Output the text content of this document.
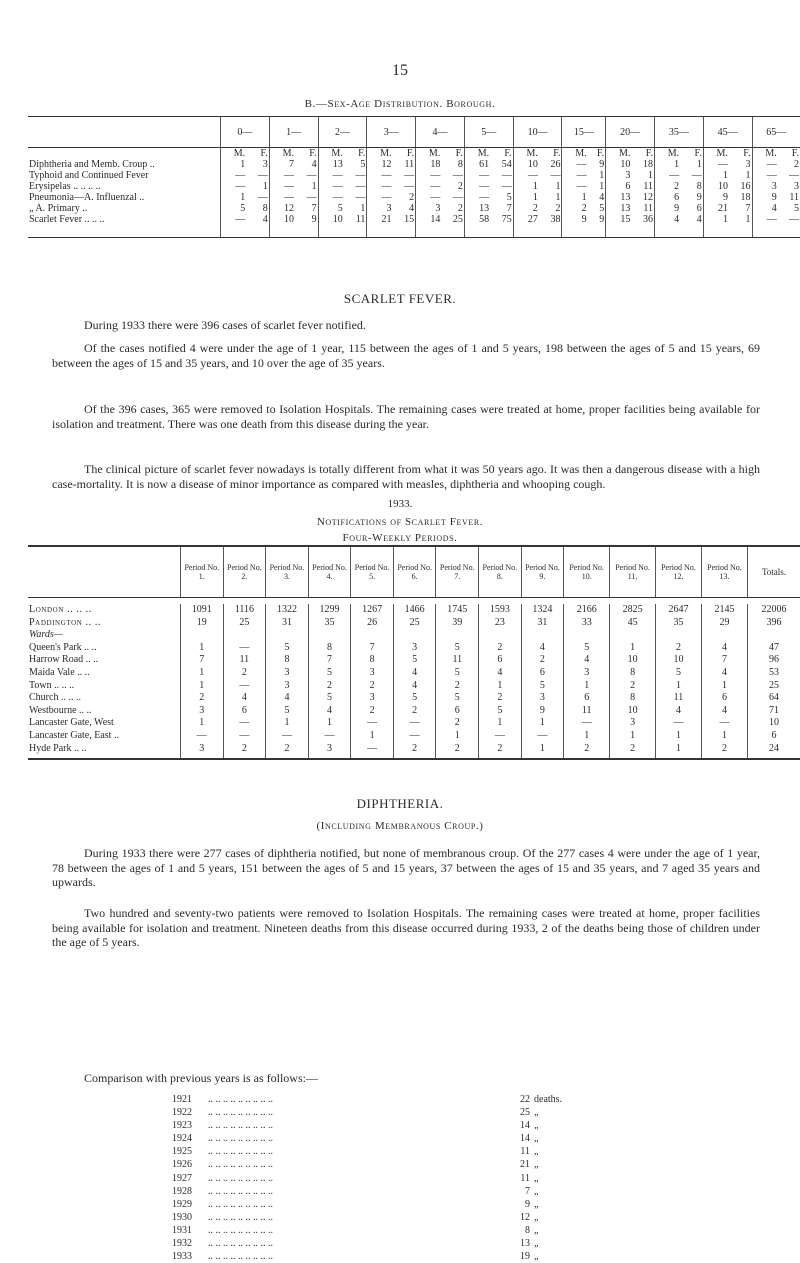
15
B.—Sex-Age Distribution. Borough.
	0—		1—		2—		3—		4—		5—		10—		15—		20—		35—		45—		65—	
	M.	F.	M.	F.	M.	F.	M.	F.	M.	F.	M.	F.	M.	F.	M.	F.	M.	F.	M.	F.	M.	F.	M.	F.
Diphtheria and Memb. Croup ..	1	3	7	4	13	5	12	11	18	8	61	54	10	26	—	9	10	18	1	1	—	3	—	2
Typhoid and Continued Fever	—	—	—	—	—	—	—	—	—	—	—	—	—	—	—	1	3	1	—	—	1	1	—	—
Erysipelas .. .. .. ..	—	1	—	1	—	—	—	—	—	2	—	—	1	1	—	1	6	11	2	8	10	16	3	3
Pneumonia—A. Influenzal ..	1	—	—	—	—	—	—	2	—	—	—	5	1	1	1	4	13	12	6	9	9	18	9	11
„ A. Primary ..	5	8	12	7	5	1	3	4	3	2	13	7	2	2	2	5	13	11	9	6	21	7	4	5
Scarlet Fever .. .. ..	—	4	10	9	10	11	21	15	14	25	58	75	27	38	9	9	15	36	4	4	1	1	—	—
SCARLET FEVER.

During 1933 there were 396 cases of scarlet fever notified.

Of the cases notified 4 were under the age of 1 year, 115 between the ages of 1 and 5 years, 198 between the ages of 5 and 15 years, 69 between the ages of 15 and 35 years, and 10 over the age of 35 years.

Of the 396 cases, 365 were removed to Isolation Hospitals. The remaining cases were treated at home, proper facilities being available for isolation and treatment. There was one death from this disease during the year.

The clinical picture of scarlet fever nowadays is totally different from what it was 50 years ago. It was then a dangerous disease with a high case-mortality. It is now a disease of minor importance as compared with measles, diphtheria and whooping cough.

1933.
Notifications of Scarlet Fever.
Four-Weekly Periods.
	Period No. 1.	Period No. 2.	Period No. 3.	Period No. 4.	Period No. 5.	Period No. 6.	Period No. 7.	Period No. 8.	Period No. 9.	Period No. 10.	Period No. 11.	Period No. 12.	Period No. 13.	Totals.

London .. .. ..	1091	1116	1322	1299	1267	1466	1745	1593	1324	2166	2825	2647	2145	22006
Paddington .. ..	19	25	31	35	26	25	39	23	31	33	45	35	29	396
Wards—														
Queen's Park .. ..	1	—	5	8	7	3	5	2	4	5	1	2	4	47
Harrow Road .. ..	7	11	8	7	8	5	11	6	2	4	10	10	7	96
Maida Vale .. ..	1	2	3	5	3	4	5	4	6	3	8	5	4	53
Town .. .. ..	1	—	3	2	2	4	2	1	5	1	2	1	1	25
Church .. .. ..	2	4	4	5	3	5	5	2	3	6	8	11	6	64
Westbourne .. ..	3	6	5	4	2	2	6	5	9	11	10	4	4	71
Lancaster Gate, West	1	—	1	1	—	—	2	1	1	—	3	—	—	10
Lancaster Gate, East ..	—	—	—	—	1	—	1	—	—	1	1	1	1	6
Hyde Park .. ..	3	2	2	3	—	2	2	2	1	2	2	1	2	24
DIPHTHERIA.
(Including Membranous Croup.)

During 1933 there were 277 cases of diphtheria notified, but none of membranous croup. Of the 277 cases 4 were under the age of 1 year, 78 between the ages of 1 and 5 years, 151 between the ages of 5 and 15 years, 37 between the ages of 15 and 35 years, and 7 aged 35 years and upwards.

Two hundred and seventy-two patients were removed to Isolation Hospitals. The remaining cases were treated at home, proper facilities being available for isolation and treatment. Nineteen deaths from this disease occurred during 1933, 2 of the deaths being those of children under the age of 5 years.

Comparison with previous years is as follows:—
1921	.. .. .. .. .. .. .. .. ..	22	deaths.
1922	.. .. .. .. .. .. .. .. ..	25	„
1923	.. .. .. .. .. .. .. .. ..	14	„
1924	.. .. .. .. .. .. .. .. ..	14	„
1925	.. .. .. .. .. .. .. .. ..	11	„
1926	.. .. .. .. .. .. .. .. ..	21	„
1927	.. .. .. .. .. .. .. .. ..	11	„
1928	.. .. .. .. .. .. .. .. ..	7	„
1929	.. .. .. .. .. .. .. .. ..	9	„
1930	.. .. .. .. .. .. .. .. ..	12	„
1931	.. .. .. .. .. .. .. .. ..	8	„
1932	.. .. .. .. .. .. .. .. ..	13	„
1933	.. .. .. .. .. .. .. .. ..	19	„
